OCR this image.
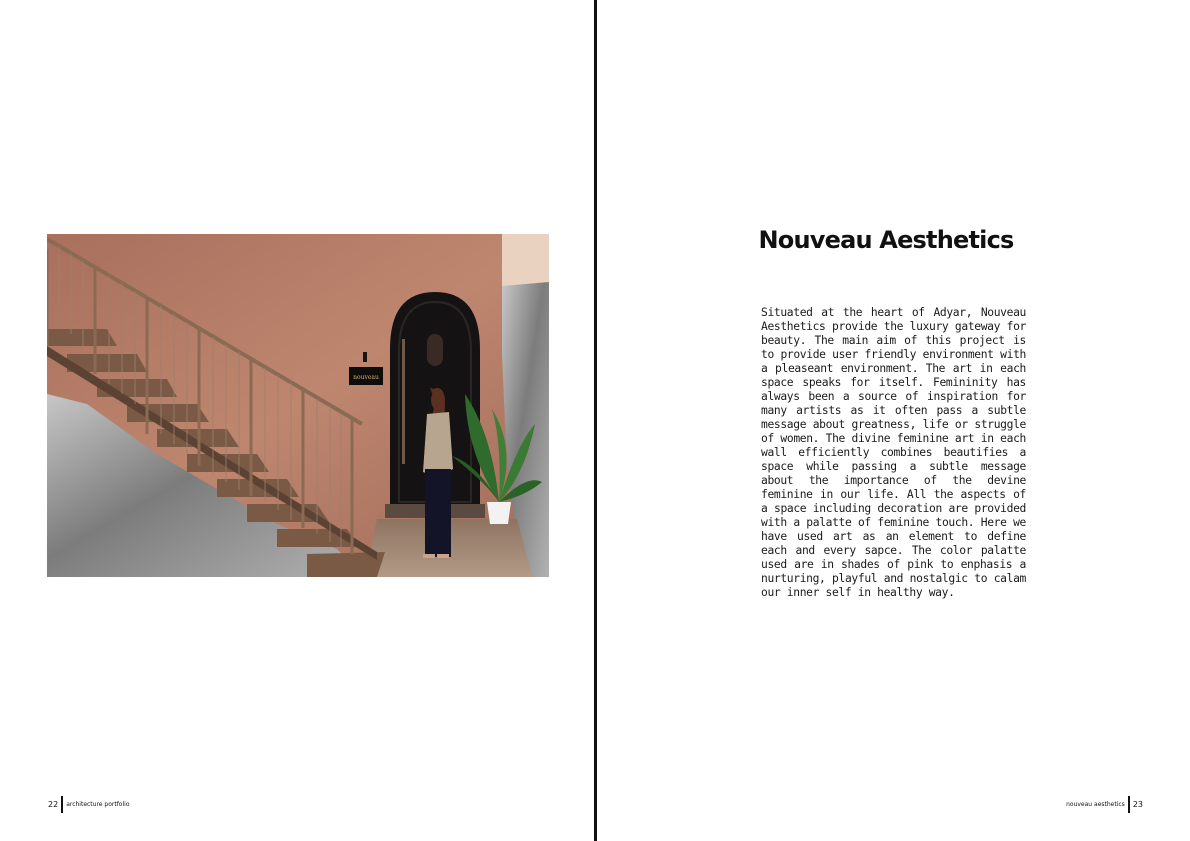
nouveau
22 architecture portfolio
Nouveau Aesthetics

Situated at the heart of Adyar, Nouveau Aesthetics provide the luxury gateway for beauty. The main aim of this project is to provide user friendly environment with a pleaseant environment. The art in each space speaks for itself. Femininity has always been a source of inspiration for many artists as it often pass a subtle message about greatness, life or struggle of women. The divine feminine art in each wall efficiently combines beautifies a space while passing a subtle message about the importance of the devine feminine in our life. All the aspects of a space including decoration are provided with a palatte of feminine touch. Here we have used art as an element to define each and every sapce. The color palatte used are in shades of pink to enphasis a nurturing, playful and nostalgic to calam our inner self in healthy way.

nouveau aesthetics 23
